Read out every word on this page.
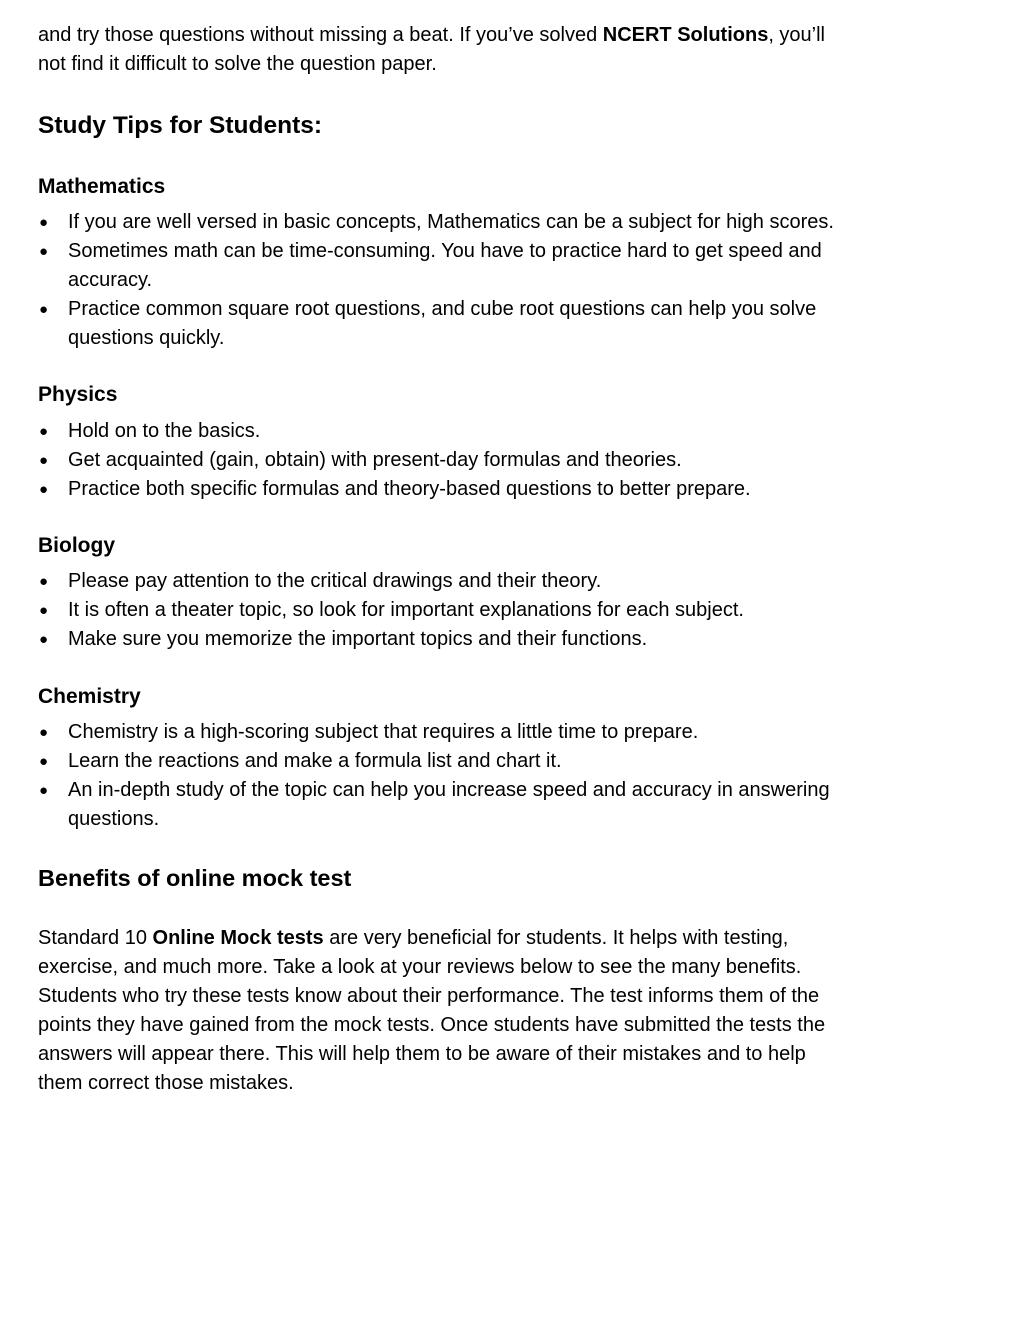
and try those questions without missing a beat. If you’ve solved NCERT Solutions, you’ll

not find it difficult to solve the question paper.

Study Tips for Students:
Mathematics
● If you are well versed in basic concepts, Mathematics can be a subject for high scores.
● Sometimes math can be time-consuming. You have to practice hard to get speed and
accuracy.
● Practice common square root questions, and cube root questions can help you solve
questions quickly.
Physics
● Hold on to the basics.
● Get acquainted (gain, obtain) with present-day formulas and theories.
● Practice both specific formulas and theory-based questions to better prepare.
Biology
● Please pay attention to the critical drawings and their theory.
● It is often a theater topic, so look for important explanations for each subject.
● Make sure you memorize the important topics and their functions.
Chemistry
● Chemistry is a high-scoring subject that requires a little time to prepare.
● Learn the reactions and make a formula list and chart it.
● An in-depth study of the topic can help you increase speed and accuracy in answering
questions.
Benefits of online mock test

Standard 10 Online Mock tests are very beneficial for students. It helps with testing,

exercise, and much more. Take a look at your reviews below to see the many benefits.

Students who try these tests know about their performance. The test informs them of the

points they have gained from the mock tests. Once students have submitted the tests the

answers will appear there. This will help them to be aware of their mistakes and to help

them correct those mistakes.
